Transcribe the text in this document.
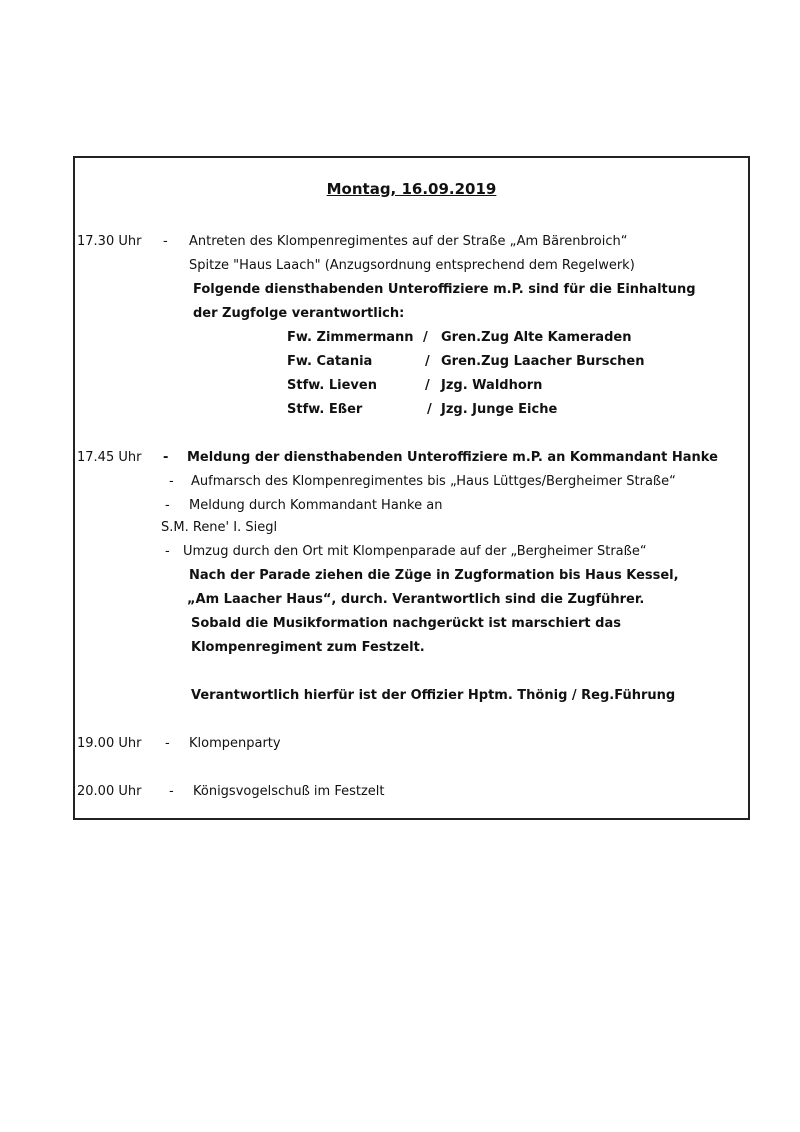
Montag, 16.09.2019
17.30 Uhr - Antreten des Klompenregimentes auf der Straße „Am Bärenbroich“
Spitze "Haus Laach" (Anzugsordnung entsprechend dem Regelwerk)
Folgende diensthabenden Unteroffiziere m.P. sind für die Einhaltung
der Zugfolge verantwortlich:
Fw. Zimmermann / Gren.Zug Alte Kameraden
Fw. Catania	/ Gren.Zug Laacher Burschen
Stfw. Lieven	/ Jzg. Waldhorn
Stfw. Eßer	/ Jzg. Junge Eiche
17.45 Uhr - Meldung der diensthabenden Unteroffiziere m.P. an Kommandant Hanke
- Aufmarsch des Klompenregimentes bis „Haus Lüttges/Bergheimer Straße“
- Meldung durch Kommandant Hanke an
S.M. Rene' I. Siegl
- Umzug durch den Ort mit Klompenparade auf der „Bergheimer Straße“
Nach der Parade ziehen die Züge in Zugformation bis Haus Kessel,
„Am Laacher Haus“, durch. Verantwortlich sind die Zugführer.
Sobald die Musikformation nachgerückt ist marschiert das
Klompenregiment zum Festzelt.
Verantwortlich hierfür ist der Offizier Hptm. Thönig / Reg.Führung
19.00 Uhr - Klompenparty
20.00 Uhr - Königsvogelschuß im Festzelt
